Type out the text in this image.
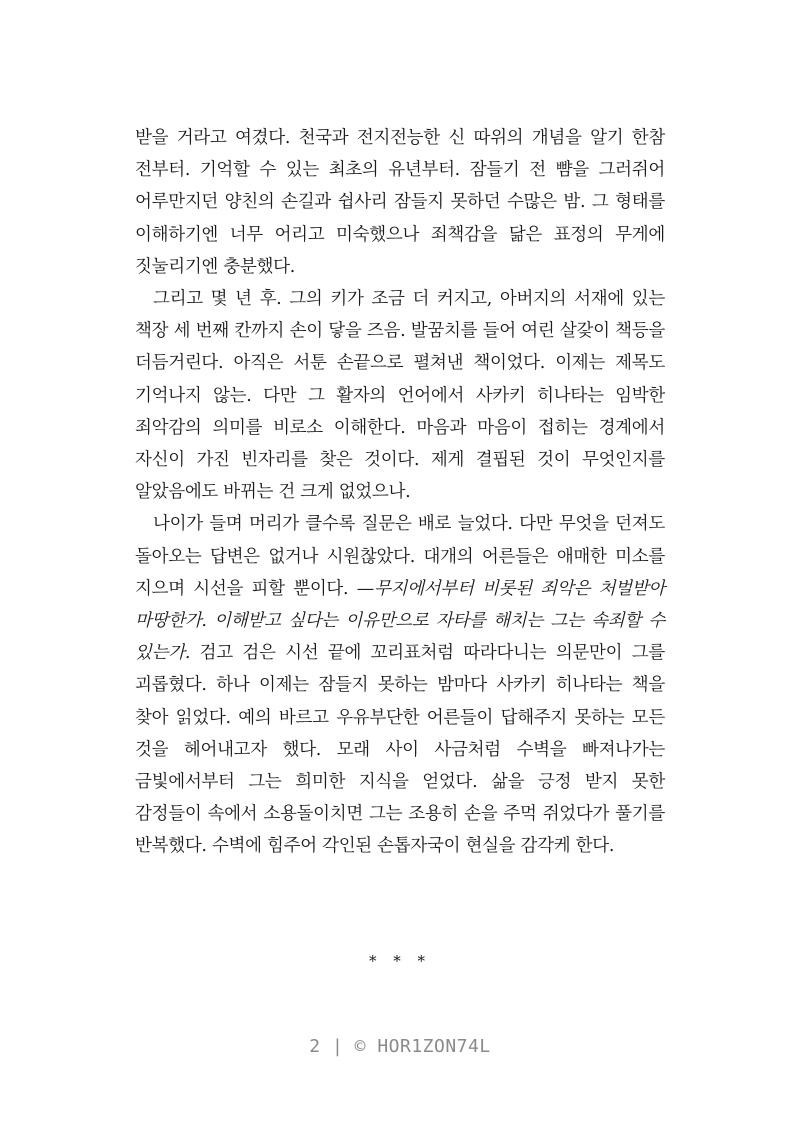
받을 거라고 여겼다. 천국과 전지전능한 신 따위의 개념을 알기 한참 전부터. 기억할 수 있는 최초의 유년부터. 잠들기 전 뺨을 그러쥐어 어루만지던 양친의 손길과 쉽사리 잠들지 못하던 수많은 밤. 그 형태를 이해하기엔 너무 어리고 미숙했으나 죄책감을 닮은 표정의 무게에 짓눌리기엔 충분했다.

그리고 몇 년 후. 그의 키가 조금 더 커지고, 아버지의 서재에 있는 책장 세 번째 칸까지 손이 닿을 즈음. 발꿈치를 들어 여린 살갗이 책등을 더듬거린다. 아직은 서툰 손끝으로 펼쳐낸 책이었다. 이제는 제목도 기억나지 않는. 다만 그 활자의 언어에서 사카키 히나타는 임박한 죄악감의 의미를 비로소 이해한다. 마음과 마음이 접히는 경계에서 자신이 가진 빈자리를 찾은 것이다. 제게 결핍된 것이 무엇인지를 알았음에도 바뀌는 건 크게 없었으나.

나이가 들며 머리가 클수록 질문은 배로 늘었다. 다만 무엇을 던져도 돌아오는 답변은 없거나 시원찮았다. 대개의 어른들은 애매한 미소를 지으며 시선을 피할 뿐이다. —무지에서부터 비롯된 죄악은 처벌받아 마땅한가. 이해받고 싶다는 이유만으로 자타를 해치는 그는 속죄할 수 있는가. 검고 검은 시선 끝에 꼬리표처럼 따라다니는 의문만이 그를 괴롭혔다. 하나 이제는 잠들지 못하는 밤마다 사카키 히나타는 책을 찾아 읽었다. 예의 바르고 우유부단한 어른들이 답해주지 못하는 모든 것을 헤어내고자 했다. 모래 사이 사금처럼 수벽을 빠져나가는 금빛에서부터 그는 희미한 지식을 얻었다. 삶을 긍정 받지 못한 감정들이 속에서 소용돌이치면 그는 조용히 손을 주먹 쥐었다가 풀기를 반복했다. 수벽에 힘주어 각인된 손톱자국이 현실을 감각케 한다.

* * *
2 | © HOR1ZON74L
